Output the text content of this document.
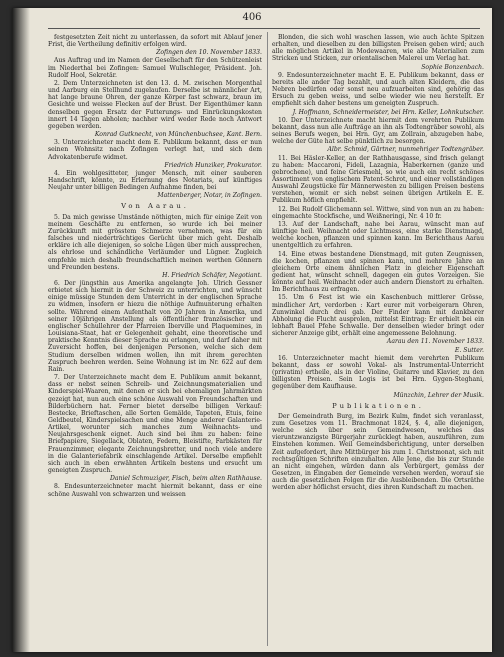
406

festgesetzten Zeit nicht zu unterlassen, da sofort mit Ablauf jener Frist, die Vertheilung definitiv erfolgen wird.

Zofingen den 10. November 1833.

Aus Auftrag und im Namen der Gesellschaft für den Schützenleist im Niederthal bei Zofingen: Samuel Wullschleger, Präsident. Joh. Rudolf Hool, Sekretär.

2. Dem Unterzeichneten ist den 13. d. M. zwischen Morgenthal und Aarburg ein Stellhund zugelaufen. Derselbe ist männlicher Art, hat lange braune Ohren, der ganze Körper fast schwarz, braun im Gesichte und weisse Flecken auf der Brust. Der Eigenthümer kann denselben gegen Ersatz der Futterungs- und Einrückungskosten innert 14 Tagen abholen; nachher wird weder Rede noch Antwort gegeben werden.

Konrad Gutknecht, von Münchenbuchsee, Kant. Bern.

3. Unterzeichneter macht dem E. Publikum bekannt, dass er nun seinen Wohnsitz nach Zofingen verlegt hat, und sich dem Advokatenberufe widmet.

Friedrich Hunziker, Prokurator.

4. Ein wohlgesitteter, junger Mensch, mit einer sauberen Handschrift, könnte, zu Erlernung des Notariats, auf künftiges Neujahr unter billigen Bedingen Aufnahme finden, bei

Mattenberger, Notar, in Zofingen.

Von Aarau.

5. Da mich gewisse Umstände nöthigten, mich für einige Zeit von meinem Geschäfte zu entfernen, so wurde ich bei meiner Zurückkunft mit grösstem Schmerze vernehmen, was für ein falsches und niederträchtiges Gerücht über mich geht. Deshalb erkläre ich alle diejenigen, so solche Lügen über mich aussprechen, als ehrlose und schändliche Verläumder und Lügner. Zugleich empfehle mich deshalb freundschaftlich meinen werthen Gönnern und Freunden bestens.

H. Friedrich Schäfer, Negotiant.

6. Der jüngsthin aus Amerika angelangte Joh. Ulrich Gessner erbietet sich hiermit in der Schweiz zu unterrichten, und wünscht einige müssige Stunden dem Unterricht in der englischen Sprache zu widmen, insofern er hiezu die nöthige Aufmunterung erhalten sollte. Während einem Aufenthalt von 20 Jahren in Amerika, und seiner 10jährigen Anstellung als öffentlicher französischer und englischer Schullehrer der Pfarreien Iberville und Plaquemines, in Louisiana-Staat, hat er Gelegenheit gehabt, eine theoretische und praktische Kenntnis dieser Sprache zu erlangen, und darf daher mit Zuversicht hoffen, bei denjenigen Personen, welche sich dem Studium derselben widmen wollen, ihn mit ihrem gerechten Zuspruch beehren werden. Seine Wohnung ist im Nr. 622 auf dem Rain.

7. Der Unterzeichnete macht dem E. Publikum anmit bekannt, dass er nebst seinen Schreib- und Zeichnungsmaterialien und Kinderspiel-Waaren, mit denen er sich bei ehemaligen Jahrmärkten gezeigt hat, nun auch eine schöne Auswahl von Freundschaften und Bilderbüchern hat. Ferner bietet derselbe billigen Verkauf: Bestecke, Brieftaschen, alle Sorten Gemälde, Tapeten, Etuis, feine Geldbeutel, Kinderspielsachen und eine Menge anderer Galanterie-Artikel, worunter sich manches zum Weihnachts- und Neujahrsgeschenk eignet. Auch sind bei ihm zu haben: feine Briefpapiere, Siegellack, Oblaten, Federn, Bleistifte, Farbkästen für Frauenzimmer, elegante Zeichnungsbretter, und noch viele andere in die Galanteriefabrik einschlagende Artikel. Derselbe empfiehlt sich auch in eben erwähnten Artikeln bestens und ersucht um geneigten Zuspruch.

Daniel Schmuziger, Fisch, beim alten Rathhause.

8. Endesunterzeichneter macht hiermit bekannt, dass er eine schöne Auswahl von schwarzen und weissen

Blonden, die sich wohl waschen lassen, wie auch ächte Spitzen erhalten, und dieselben zu den billigsten Preisen geben wird; auch alle möglichen Artikel in Modewaaren, wie alle Materialien zum Stricken und Sticken, zur orientalischen Malerei um Verlag hat.

Sophie Bonzenbach.

9. Endesunterzeichneter macht E. E. Publikum bekannt, dass er bereits alle ander Tag bezahlt, und auch alten Kleidern, die das Nebren bedürfen oder sonst neu aufzuarbeiten sind, gehörig das Ersuch zu geben weiss, und selbe wieder wie neu herstellt. Er empfiehlt sich daher bestens um geneigten Zuspruch.

J. Hoffmann, Schneidermeister, bei Hrn. Keller, Lohnkutscher.

10. Der Unterzeichnete macht hiermit dem verehrten Publikum bekannt, dass nun alle Aufträge an ihn als Todtengräber sowohl, als seines Berufs wegen, bei Hrn. Gyr, am Zollrain, abzugeben habe, welche der Güte hat selbe pünktlich zu besorgen.

Albr. Schmid, Gärtner, nunmehriger Todtengräber.

11. Bei Häsler-Keller, an der Rathhausgasse, sind frisch gelangt zu haben: Maccaroni, Fideli, Lazagnia, Haberkernen (ganze und gebrochene), und feine Griesmehl, so wie auch ein recht schönes Assortiment von englischem Patent-Schrot, und einer vollständigen Auswahl Zeugstücke für Männerwesten zu billigen Preisen bestens verstehen, womit er sich nebst seinen übrigen Artikeln E. E. Publikum höflich empfiehlt.

12. Bei Rudolf Glichemann sel. Wittwe, sind von nun an zu haben: eingemachte Stockfische, und Weißneringi, Nr. 4 10 fr.

13. Auf der Landschaft, nahe bei Aarau, wünscht man auf künftige heil. Weihnacht oder Lichtmess, eine starke Dienstmagd, welche kochen, pflanzen und spinnen kann. Im Berichthaus Aarau unentgeltlich zu erfahren.

14. Eine etwas bestandene Dienstmagd, mit guten Zeugnissen, die kochen, pflanzen und spinnen kann, und mehrere Jahre an gleichem Orte einem ähnlichen Platz in gleicher Eigenschaft gedient hat, wünscht schnell, dagegen ein gutes Vorzeigen. Sie könnte auf heil. Weihnacht oder auch andern Dienstort zu erhalten. Im Berichthaus zu erfragen.

15. Um 6 Fest ist wie ein Kaschenbuch mittlerer Grösse, mindlicher Art, verdorben : Kart eurer mit vorbeigerarn Ohren, Zunwinkel durch drei gab. Der Finder kann mit dankbarer Abholung die Flucht ausprolen, mittelst Eintrag: Er erhielt bei ein lebhaft Bauel Pfehe Schwalle. Der denselben wieder bringt oder sicherer Anzeige gibt, erhält eine angemessene Belohnung.

Aarau den 11. November 1833.

E. Sutter.

16. Unterzeichneter macht hiemit dem verehrten Publikum bekannt, dass er sowohl Vokal- als Instrumental-Unterricht (privatim) ertheile, als in der Violine, Guitarre und Klavier, zu den billigsten Preisen. Sein Logis ist bei Hrn. Gygen-Steghani, gegenüber dem Kaufhause.

Münzchin, Lehrer der Musik.

Publikationen.

Der Gemeindrath Burg, im Bezirk Kulm, findet sich veranlasst, zum Gesetzes vom 11. Brachmonat 1824, §. 4, alle diejenigen, welche sich über sein Gemeindwesen, welches das vieruntzwanzigste Bürgerjahr zurücklegt haben, auszuführen, zum Einstehen kommen. Weil Gemeindsberichtigung, unter derselben Zeit aufgefordert, ihre Mittbürger bis zum 1. Christmonat, sich mit rechtsgültigen Schriften einzuhalten. Alle Jene, die bis zur Stunde an nicht eingehen, würden dann als Verbürgert, gemäss der Gesetzen, in Eingaben der Gemeinde versehen werden, worauf sie auch die gesetzlichen Folgen für die Ausbleibenden. Die Ortsräthe werden aber höflichst ersucht, dies ihren Kundschaft zu machen.
